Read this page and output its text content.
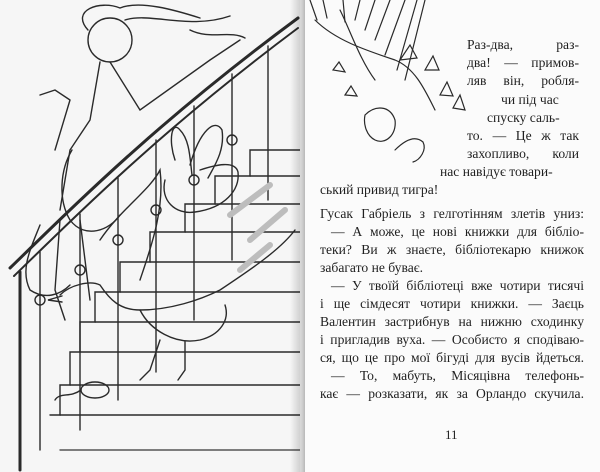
Раз-два, раз-
два! — примов-
ляв він, робля-
чи під час
спуску саль-
то. — Це ж так
захопливо, коли
нас навідує товари-
ський привид тигра!
Гусак Габріель з гелготінням злетів униз:
— А може, це нові книжки для бібліо-
теки? Ви ж знаєте, бібліотекарю книжок
забагато не буває.
— У твоїй бібліотеці вже чотири тисячі
і ще сімдесят чотири книжки. — Заєць
Валентин застрибнув на нижню сходинку
і пригладив вуха. — Особисто я сподіваю-
ся, що це про мої бігуді для вусів йдеться.
— То, мабуть, Місяцівна телефонь-
кає — розказати, як за Орландо скучила.
11
